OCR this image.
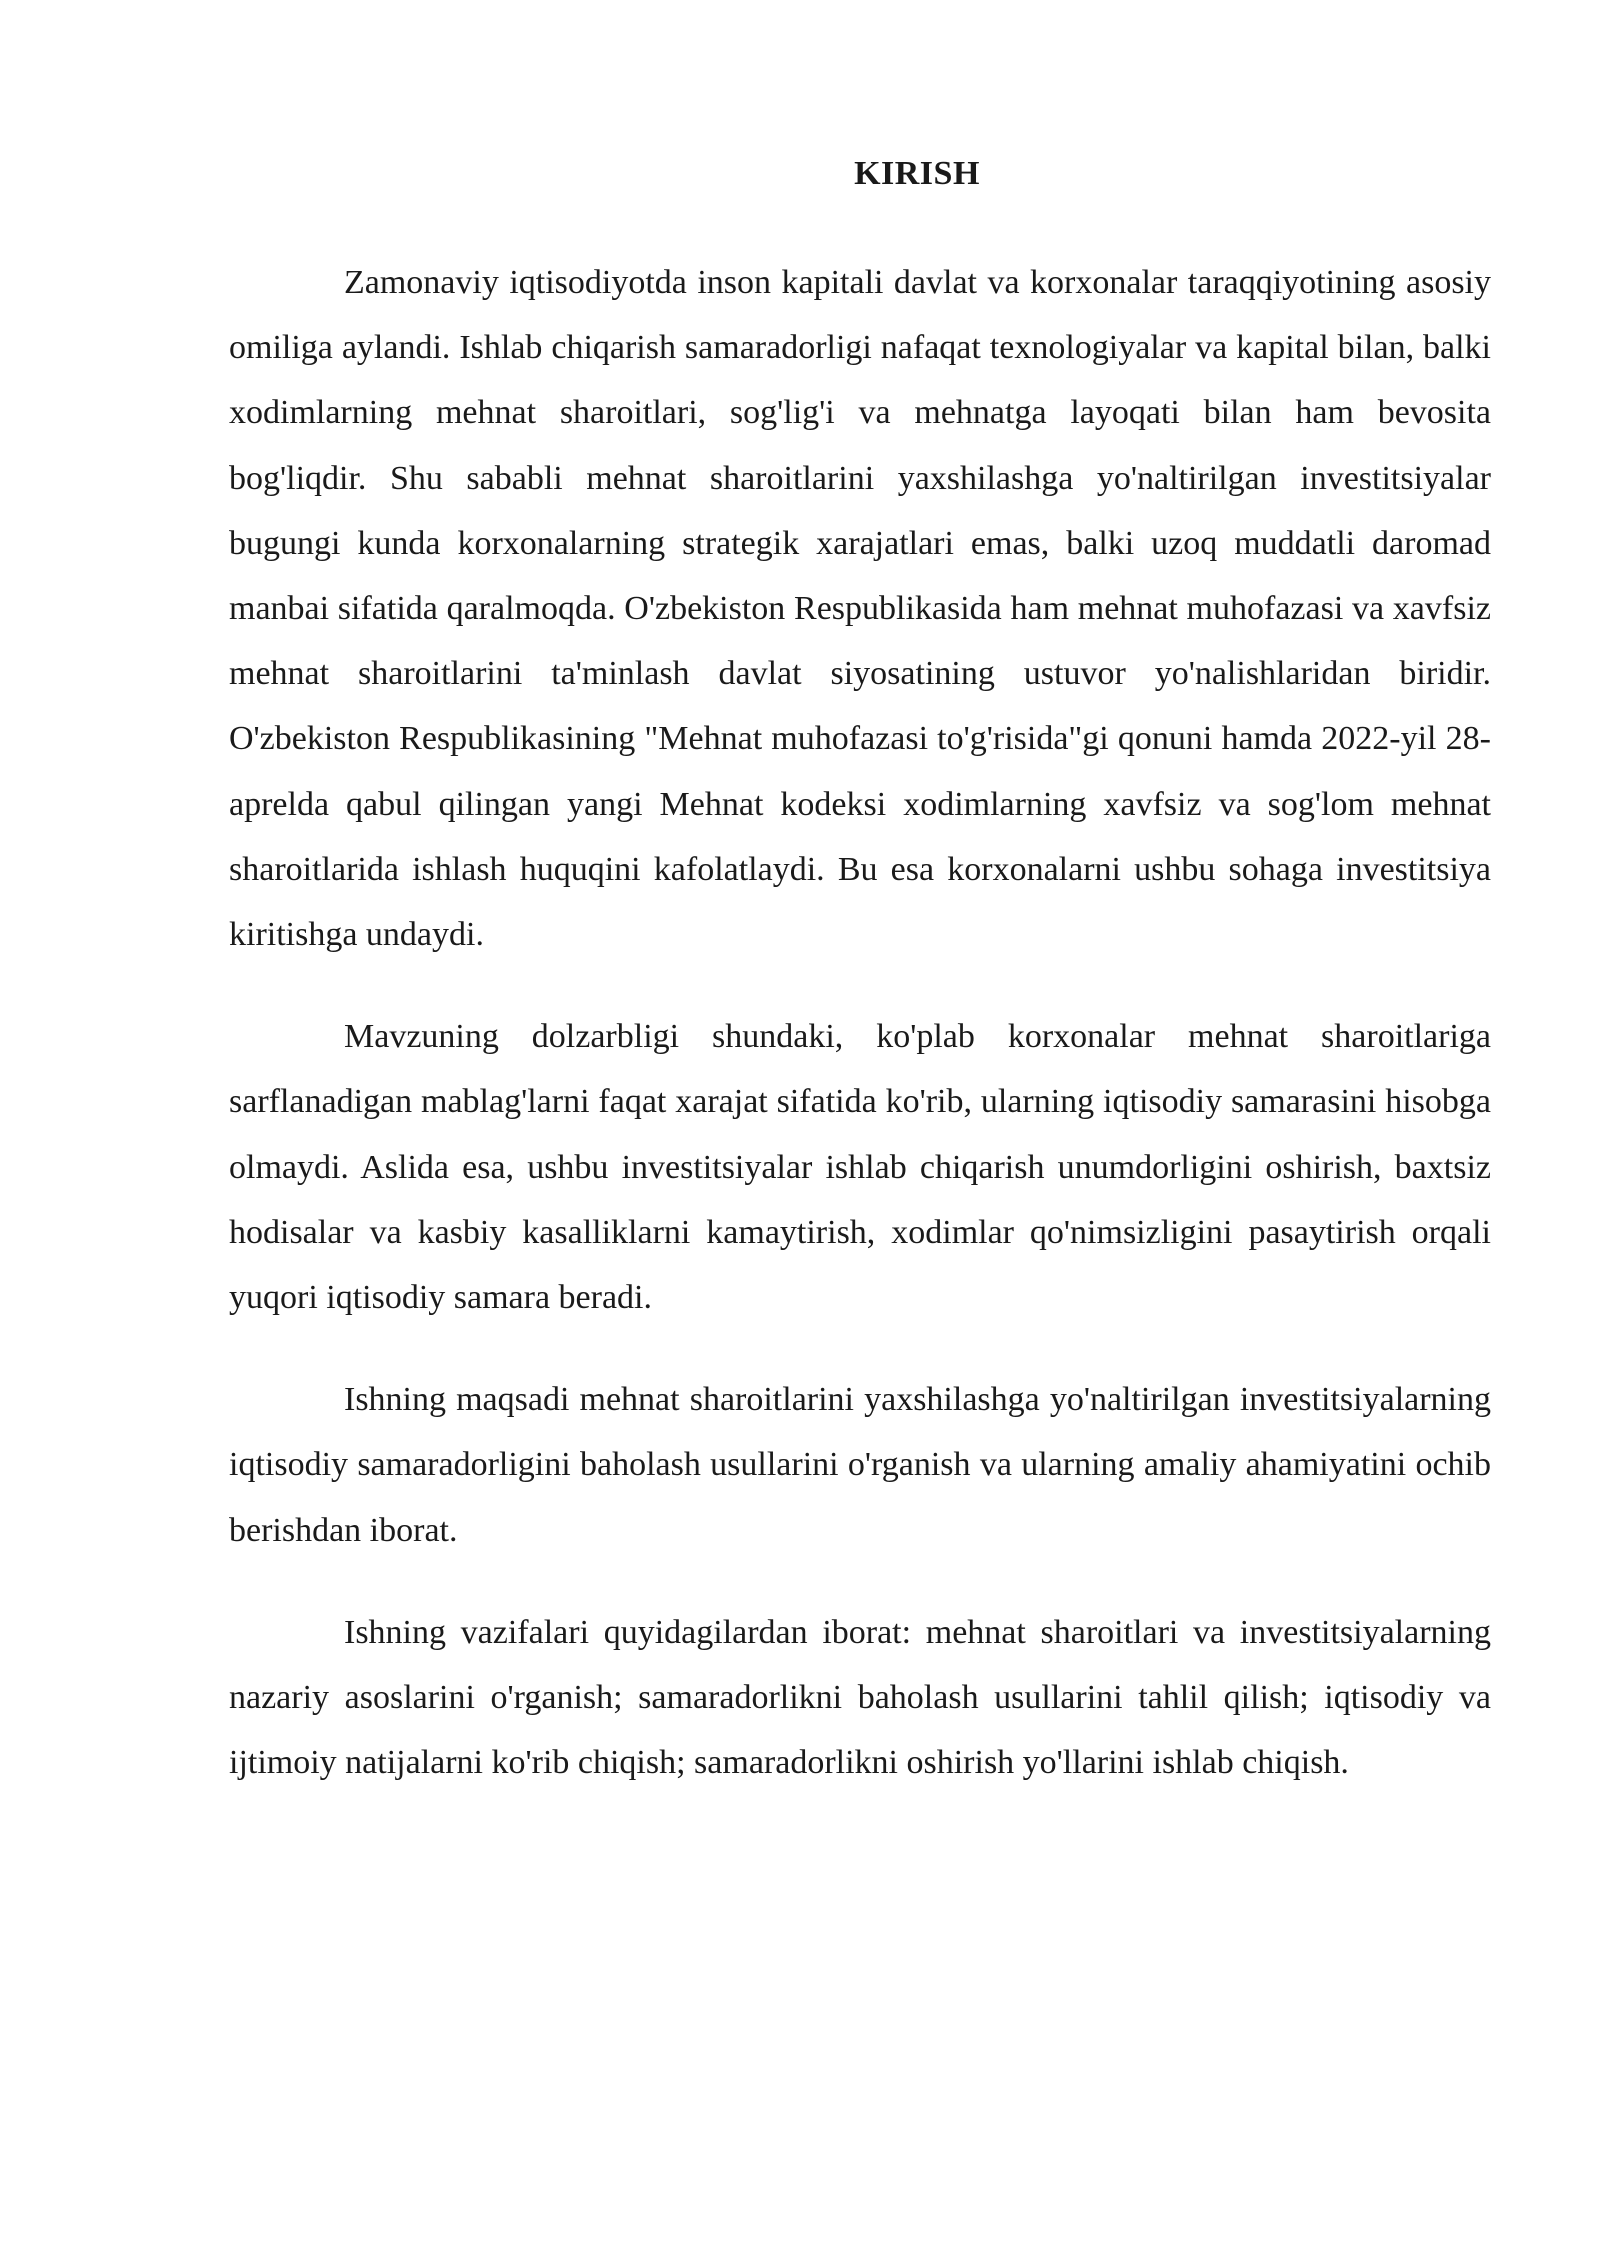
KIRISH

Zamonaviy iqtisodiyotda inson kapitali davlat va korxonalar taraqqiyotining asosiy omiliga aylandi. Ishlab chiqarish samaradorligi nafaqat texnologiyalar va kapital bilan, balki xodimlarning mehnat sharoitlari, sog'lig'i va mehnatga layoqati bilan ham bevosita bog'liqdir. Shu sababli mehnat sharoitlarini yaxshilashga yo'naltirilgan investitsiyalar bugungi kunda korxonalarning strategik xarajatlari emas, balki uzoq muddatli daromad manbai sifatida qaralmoqda. O'zbekiston Respublikasida ham mehnat muhofazasi va xavfsiz mehnat sharoitlarini ta'minlash davlat siyosatining ustuvor yo'nalishlaridan biridir. O'zbekiston Respublikasining "Mehnat muhofazasi to'g'risida"gi qonuni hamda 2022-yil 28-aprelda qabul qilingan yangi Mehnat kodeksi xodimlarning xavfsiz va sog'lom mehnat sharoitlarida ishlash huquqini kafolatlaydi. Bu esa korxonalarni ushbu sohaga investitsiya kiritishga undaydi.

Mavzuning dolzarbligi shundaki, ko'plab korxonalar mehnat sharoitlariga sarflanadigan mablag'larni faqat xarajat sifatida ko'rib, ularning iqtisodiy samarasini hisobga olmaydi. Aslida esa, ushbu investitsiyalar ishlab chiqarish unumdorligini oshirish, baxtsiz hodisalar va kasbiy kasalliklarni kamaytirish, xodimlar qo'nimsizligini pasaytirish orqali yuqori iqtisodiy samara beradi.

Ishning maqsadi mehnat sharoitlarini yaxshilashga yo'naltirilgan investitsiyalarning iqtisodiy samaradorligini baholash usullarini o'rganish va ularning amaliy ahamiyatini ochib berishdan iborat.

Ishning vazifalari quyidagilardan iborat: mehnat sharoitlari va investitsiyalarning nazariy asoslarini o'rganish; samaradorlikni baholash usullarini tahlil qilish; iqtisodiy va ijtimoiy natijalarni ko'rib chiqish; samaradorlikni oshirish yo'llarini ishlab chiqish.
